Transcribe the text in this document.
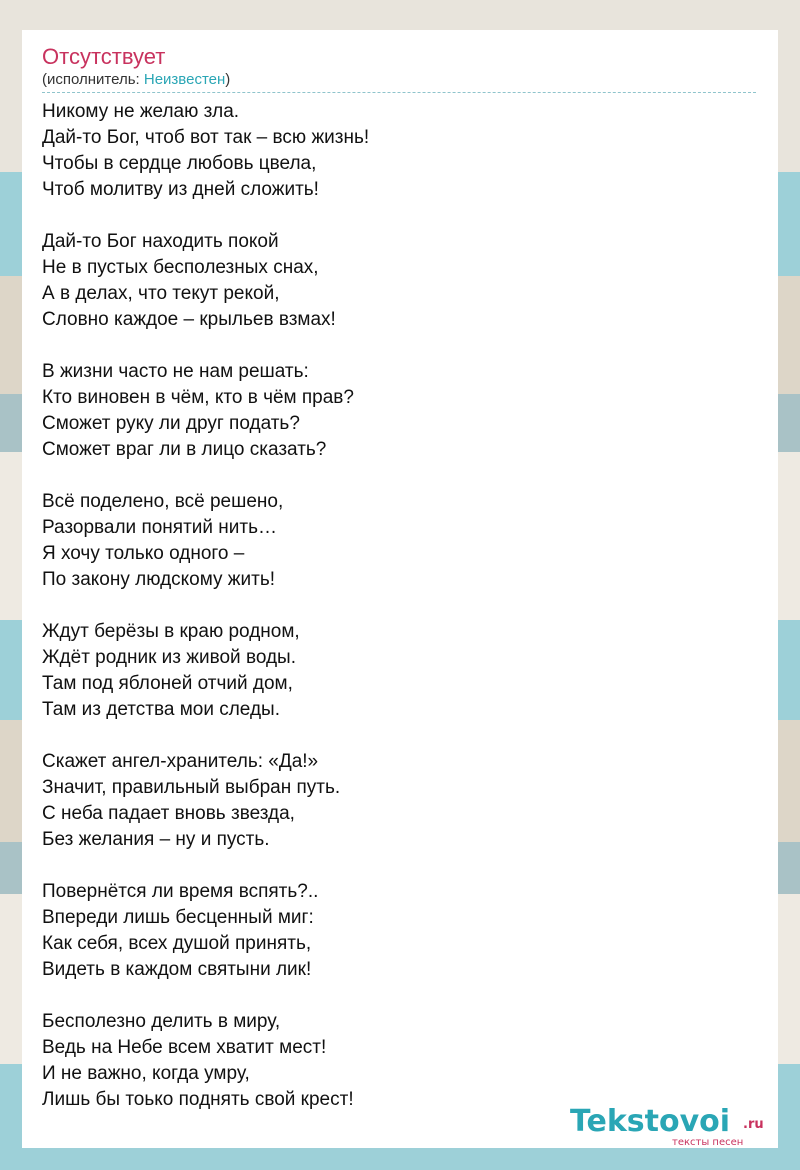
Отсутствует
(исполнитель: Неизвестен)
Никому не желаю зла.
Дай-то Бог, чтоб вот так – всю жизнь!
Чтобы в сердце любовь цвела,
Чтоб молитву из дней сложить!
Дай-то Бог находить покой
Не в пустых бесполезных снах,
А в делах, что текут рекой,
Словно каждое – крыльев взмах!
В жизни часто не нам решать:
Кто виновен в чём, кто в чём прав?
Сможет руку ли друг подать?
Сможет враг ли в лицо сказать?
Всё поделено, всё решено,
Разорвали понятий нить…
Я хочу только одного –
По закону людскому жить!
Ждут берёзы в краю родном,
Ждёт родник из живой воды.
Там под яблоней отчий дом,
Там из детства мои следы.
Скажет ангел-хранитель: «Да!»
Значит, правильный выбран путь.
С неба падает вновь звезда,
Без желания – ну и пусть.
Повернётся ли время вспять?..
Впереди лишь бесценный миг:
Как себя, всех душой принять,
Видеть в каждом святыни лик!
Бесполезно делить в миру,
Ведь на Небе всем хватит мест!
И не важно, когда умру,
Лишь бы тоько поднять свой крест!
Tekstovoi .ru
тексты песен
